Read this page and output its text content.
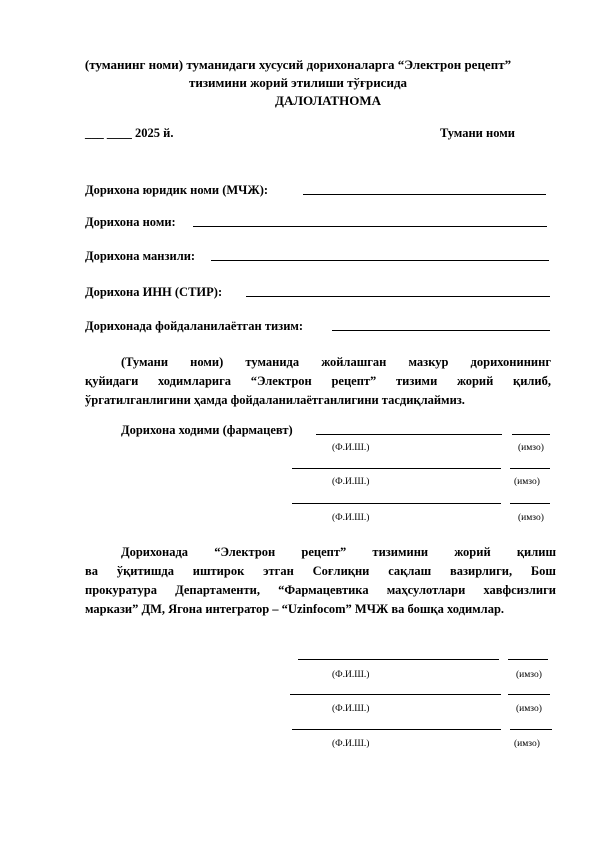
(туманинг номи) туманидаги хусусий дорихоналарга “Электрон рецепт”
тизимини жорий этилиши тўғрисида
ДАЛОЛАТНОМА
___ ____ 2025 й.	Тумани номи
Дорихона юридик номи (МЧЖ):
Дорихона номи:
Дорихона манзили:
Дорихона ИНН (СТИР):
Дорихонада фойдаланилаётган тизим:
(Тумани номи) туманида жойлашган мазкур дорихонининг
қуйидаги ходимларига “Электрон рецепт” тизими жорий қилиб,
ўргатилганлигини ҳамда фойдаланилаётганлигини тасдиқлаймиз.
Дорихона ходими (фармацевт)
(Ф.И.Ш.)	(имзо)
(Ф.И.Ш.)	(имзо)
(Ф.И.Ш.)	(имзо)
Дорихонада “Электрон рецепт” тизимини жорий қилиш
ва ўқитишда иштирок этган Соғлиқни сақлаш вазирлиги, Бош
прокуратура Департаменти, “Фармацевтика маҳсулотлари хавфсизлиги
маркази” ДМ, Ягона интегратор – “Uzinfocom” МЧЖ ва бошқа ходимлар.
(Ф.И.Ш.)	(имзо)
(Ф.И.Ш.)	(имзо)
(Ф.И.Ш.)	(имзо)
